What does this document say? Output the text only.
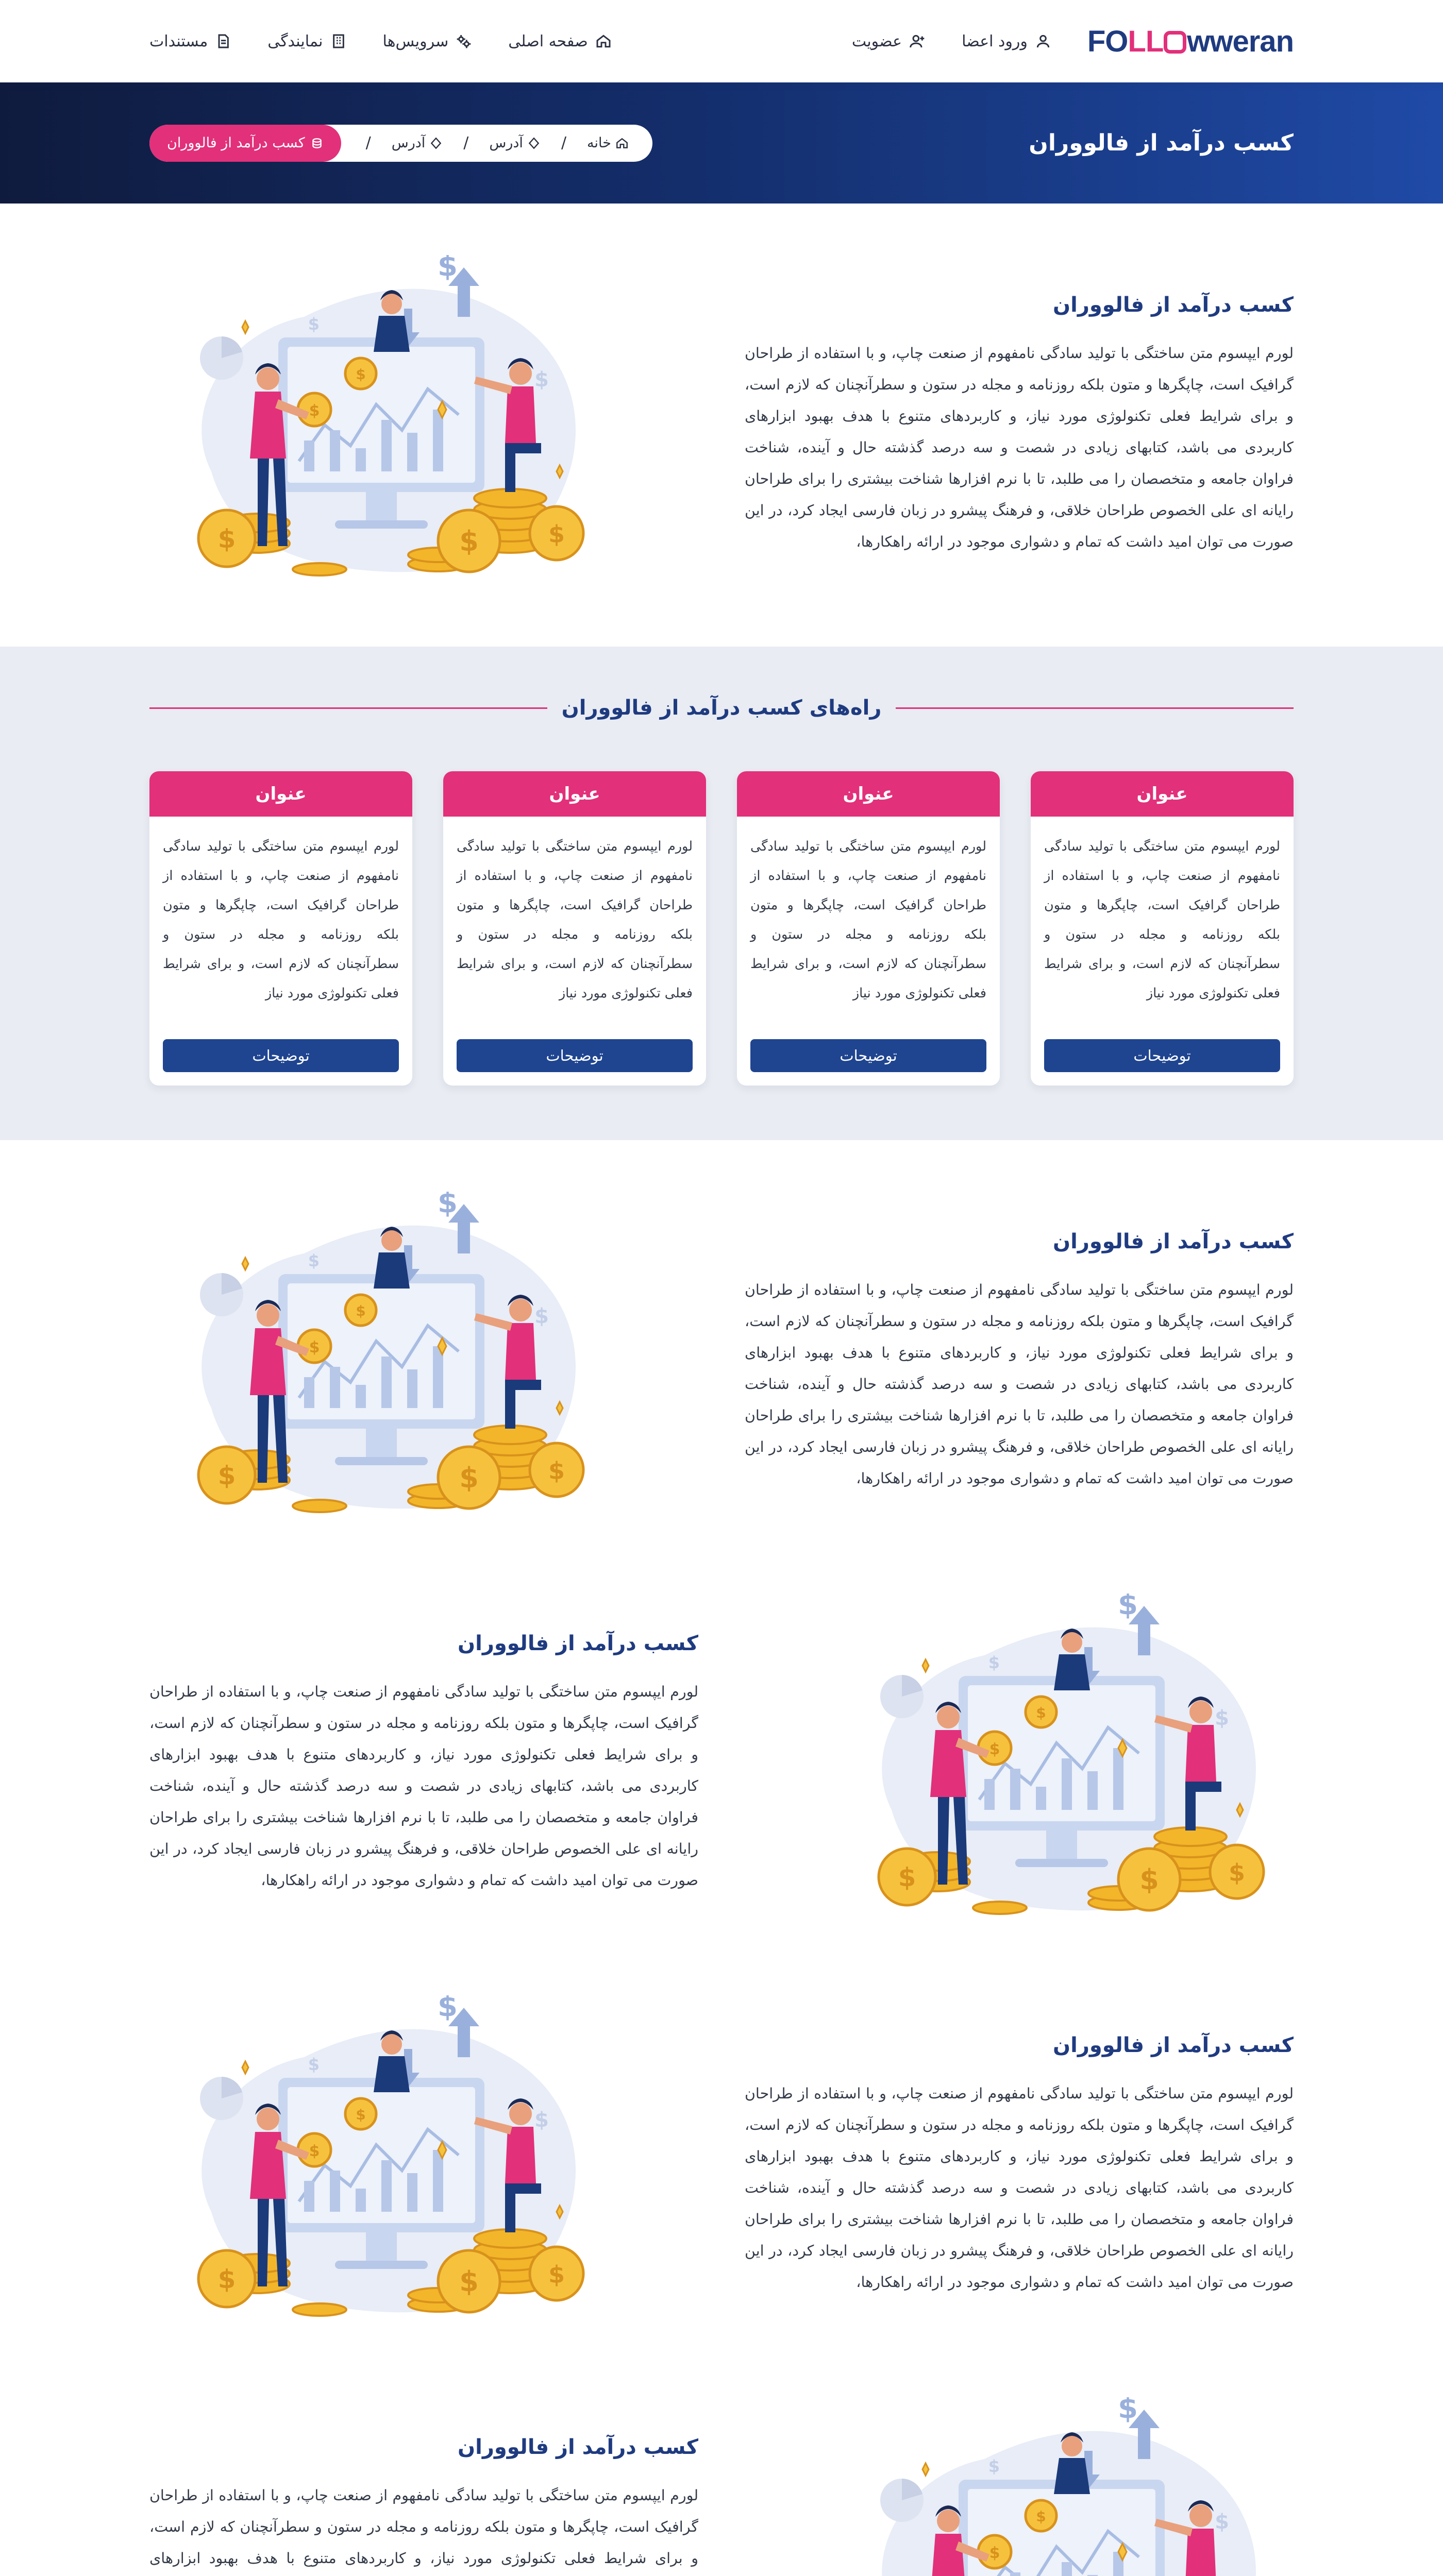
FO LL wweran
ورود اعضا
عضویت
صفحه اصلی
سرویس‌ها
نمایندگی
مستندات
کسب درآمد از فالووران
خانه
/
آدرس
/
آدرس
/
کسب درآمد از فالووران
کسب درآمد از فالووران

لورم ایپسوم متن ساختگی با تولید سادگی نامفهوم از صنعت چاپ، و با استفاده از طراحان گرافیک است، چاپگرها و متون بلکه روزنامه و مجله در ستون و سطرآنچنان که لازم است، و برای شرایط فعلی تکنولوژی مورد نیاز، و کاربردهای متنوع با هدف بهبود ابزارهای کاربردی می باشد، کتابهای زیادی در شصت و سه درصد گذشته حال و آینده، شناخت فراوان جامعه و متخصصان را می طلبد، تا با نرم افزارها شناخت بیشتری را برای طراحان رایانه ای علی الخصوص طراحان خلاقی، و فرهنگ پیشرو در زبان فارسی ایجاد کرد، در این صورت می توان امید داشت که تمام و دشواری موجود در ارائه راهکارها،

$
$
$
$	$	$
$
$
راه‌های کسب درآمد از فالووران
عنوان

لورم ایپسوم متن ساختگی با تولید سادگی نامفهوم از صنعت چاپ، و با استفاده از طراحان گرافیک است، چاپگرها و متون بلکه روزنامه و مجله در ستون و سطرآنچنان که لازم است، و برای شرایط فعلی تکنولوژی مورد نیاز

توضیحات
عنوان

لورم ایپسوم متن ساختگی با تولید سادگی نامفهوم از صنعت چاپ، و با استفاده از طراحان گرافیک است، چاپگرها و متون بلکه روزنامه و مجله در ستون و سطرآنچنان که لازم است، و برای شرایط فعلی تکنولوژی مورد نیاز

توضیحات
عنوان

لورم ایپسوم متن ساختگی با تولید سادگی نامفهوم از صنعت چاپ، و با استفاده از طراحان گرافیک است، چاپگرها و متون بلکه روزنامه و مجله در ستون و سطرآنچنان که لازم است، و برای شرایط فعلی تکنولوژی مورد نیاز

توضیحات
عنوان

لورم ایپسوم متن ساختگی با تولید سادگی نامفهوم از صنعت چاپ، و با استفاده از طراحان گرافیک است، چاپگرها و متون بلکه روزنامه و مجله در ستون و سطرآنچنان که لازم است، و برای شرایط فعلی تکنولوژی مورد نیاز

توضیحات
کسب درآمد از فالووران

لورم ایپسوم متن ساختگی با تولید سادگی نامفهوم از صنعت چاپ، و با استفاده از طراحان گرافیک است، چاپگرها و متون بلکه روزنامه و مجله در ستون و سطرآنچنان که لازم است، و برای شرایط فعلی تکنولوژی مورد نیاز، و کاربردهای متنوع با هدف بهبود ابزارهای کاربردی می باشد، کتابهای زیادی در شصت و سه درصد گذشته حال و آینده، شناخت فراوان جامعه و متخصصان را می طلبد، تا با نرم افزارها شناخت بیشتری را برای طراحان رایانه ای علی الخصوص طراحان خلاقی، و فرهنگ پیشرو در زبان فارسی ایجاد کرد، در این صورت می توان امید داشت که تمام و دشواری موجود در ارائه راهکارها،

$
$
$
$	$	$
$
$
کسب درآمد از فالووران

لورم ایپسوم متن ساختگی با تولید سادگی نامفهوم از صنعت چاپ، و با استفاده از طراحان گرافیک است، چاپگرها و متون بلکه روزنامه و مجله در ستون و سطرآنچنان که لازم است، و برای شرایط فعلی تکنولوژی مورد نیاز، و کاربردهای متنوع با هدف بهبود ابزارهای کاربردی می باشد، کتابهای زیادی در شصت و سه درصد گذشته حال و آینده، شناخت فراوان جامعه و متخصصان را می طلبد، تا با نرم افزارها شناخت بیشتری را برای طراحان رایانه ای علی الخصوص طراحان خلاقی، و فرهنگ پیشرو در زبان فارسی ایجاد کرد، در این صورت می توان امید داشت که تمام و دشواری موجود در ارائه راهکارها،

$
$
$
$	$	$
$
$
کسب درآمد از فالووران

لورم ایپسوم متن ساختگی با تولید سادگی نامفهوم از صنعت چاپ، و با استفاده از طراحان گرافیک است، چاپگرها و متون بلکه روزنامه و مجله در ستون و سطرآنچنان که لازم است، و برای شرایط فعلی تکنولوژی مورد نیاز، و کاربردهای متنوع با هدف بهبود ابزارهای کاربردی می باشد، کتابهای زیادی در شصت و سه درصد گذشته حال و آینده، شناخت فراوان جامعه و متخصصان را می طلبد، تا با نرم افزارها شناخت بیشتری را برای طراحان رایانه ای علی الخصوص طراحان خلاقی، و فرهنگ پیشرو در زبان فارسی ایجاد کرد، در این صورت می توان امید داشت که تمام و دشواری موجود در ارائه راهکارها،

$
$
$
$	$	$
$
$
کسب درآمد از فالووران

لورم ایپسوم متن ساختگی با تولید سادگی نامفهوم از صنعت چاپ، و با استفاده از طراحان گرافیک است، چاپگرها و متون بلکه روزنامه و مجله در ستون و سطرآنچنان که لازم است، و برای شرایط فعلی تکنولوژی مورد نیاز، و کاربردهای متنوع با هدف بهبود ابزارهای

$
$
$
$
$
